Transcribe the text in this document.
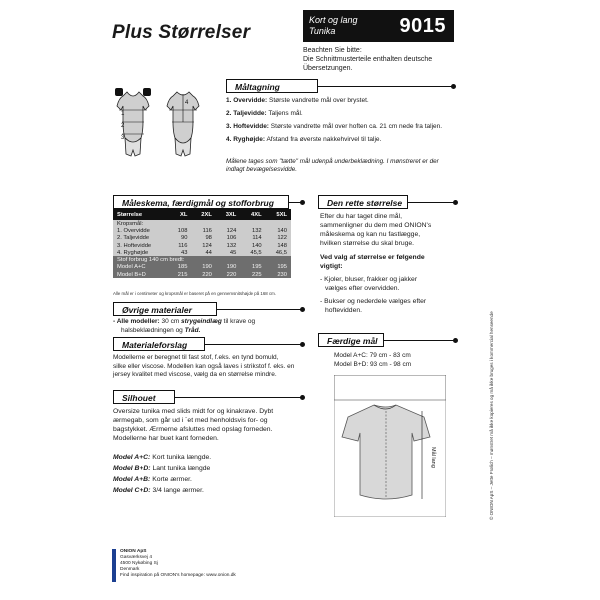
Plus Størrelser
Kort og lang
Tunika	9015
Beachten Sie bitte:
Die Schnittmusterteile enthalten deutsche
Übersetzungen.
Måltagning
1
2
3
4	1. Overvidde: Største vandrette mål over brystet.
2. Taljevidde: Taljens mål.
3. Hoftevidde: Største vandrette mål over hoften ca. 21 cm nede fra taljen.
4. Ryghøjde: Afstand fra øverste nakkehvirvel til talje.
Målene tages som "tætte" mål udenpå underbeklædning. I mønstreret er der indlagt bevægelsesvidde.
Måleskema, færdigmål og stofforbrug
Størrelse	XL	2XL	3XL	4XL	5XL
Kropsmål:					
1. Overvidde	108	116	124	132	140
2. Taljevidde	90	98	106	114	122
3. Hoftevidde	116	124	132	140	148
4. Ryghøjde	43	44	45	45,5	46,5
Stof forbrug 140 cm bredt:					
Model A+C	185	190	190	195	195
Model B+D	215	220	220	225	230
Alle mål er i centimeter og kropsmål er baseret på en gennemsnitshøjde på 168 cm.
Øvrige materialer
- Alle modeller: 30 cm strygeindlæg til krave og
halsbeklædningen og Tråd.
Materialeforslag
Modellerne er beregnet til fast stof, f.eks. en tynd bomuld,
silke eller viscose. Modellen kan også laves i strikstof f. eks. en
jersey kvalitet med viscose, vælg da en størrelse mindre.
Silhouet
Oversize tunika med slids midt for og kinakrave. Dybt
ærmegab, som går ud i ´et med henholdsvis for- og
bagstykket. Ærmerne afsluttes med opslag forneden.
Modellerne har buet kant forneden.
Model A+C: Kort tunika længde.
Model B+D: Lant tunika længde
Model A+B: Korte ærmer.
Model C+D: 3/4 lange ærmer.
Den rette størrelse
Efter du har taget dine mål,
sammenligner du dem med ONION's
måleskema og kan nu fastlægge,
hvilken størrelse du skal bruge.
Ved valg af størrelse er følgende
vigtigt:
- Kjoler, bluser, frakker og jakker
vælges efter overvidden.
- Bukser og nederdele vælges efter
hoftevidden.
Færdige mål
Model A+C: 79 cm - 83 cm
Model B+D: 93 cm - 98 cm
Mål lang
ONION ApS
Gasværksvej 4
4500 Nykøbing Sj
Denmark
Find inspiration på ONION's homepage: www.onion.dk
© ONION ApS – Jette Frølich – mønstret må ikke kopieres og må ikke bruges i kommercial henseende
